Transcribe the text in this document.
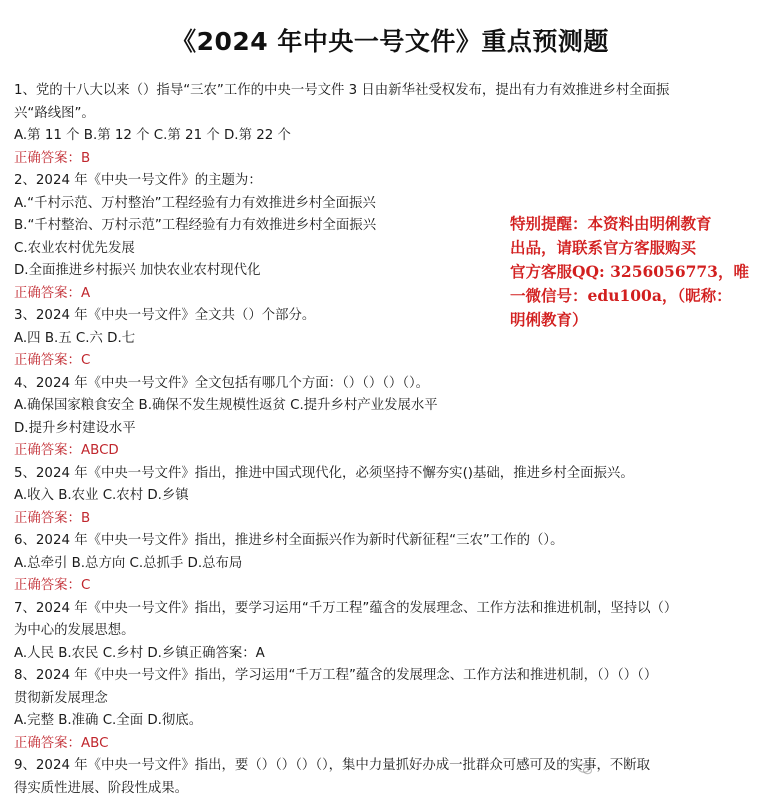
《2024 年中央一号文件》重点预测题
1、党的十八大以来（）指导“三农”工作的中央一号文件 3 日由新华社受权发布，提出有力有效推进乡村全面振
兴“路线图”。
A.第 11 个 B.第 12 个 C.第 21 个 D.第 22 个
正确答案：B
2、2024 年《中央一号文件》的主题为：
A.“千村示范、万村整治”工程经验有力有效推进乡村全面振兴
B.“千村整治、万村示范”工程经验有力有效推进乡村全面振兴
C.农业农村优先发展
D.全面推进乡村振兴 加快农业农村现代化
正确答案：A
3、2024 年《中央一号文件》全文共（）个部分。
A.四 B.五 C.六 D.七
正确答案：C
4、2024 年《中央一号文件》全文包括有哪几个方面：（）（）（）（）。
A.确保国家粮食安全 B.确保不发生规模性返贫 C.提升乡村产业发展水平
D.提升乡村建设水平
正确答案：ABCD
5、2024 年《中央一号文件》指出，推进中国式现代化，必须坚持不懈夯实()基础，推进乡村全面振兴。
A.收入 B.农业 C.农村 D.乡镇
正确答案：B
6、2024 年《中央一号文件》指出，推进乡村全面振兴作为新时代新征程“三农”工作的（）。
A.总牵引 B.总方向 C.总抓手 D.总布局
正确答案：C
7、2024 年《中央一号文件》指出，要学习运用“千万工程”蕴含的发展理念、工作方法和推进机制，坚持以（）
为中心的发展思想。
A.人民 B.农民 C.乡村 D.乡镇正确答案：A
8、2024 年《中央一号文件》指出，学习运用“千万工程”蕴含的发展理念、工作方法和推进机制，（）（）（）
贯彻新发展理念
A.完整 B.准确 C.全面 D.彻底。
正确答案：ABC
9、2024 年《中央一号文件》指出，要（）（）（）（），集中力量抓好办成一批群众可感可及的实事，不断取
得实质性进展、阶段性成果。
特别提醒：本资料由明俐教育
出品，请联系官方客服购买
官方客服QQ: 3256056773，唯
一微信号：edu100a，（昵称：
明俐教育）
